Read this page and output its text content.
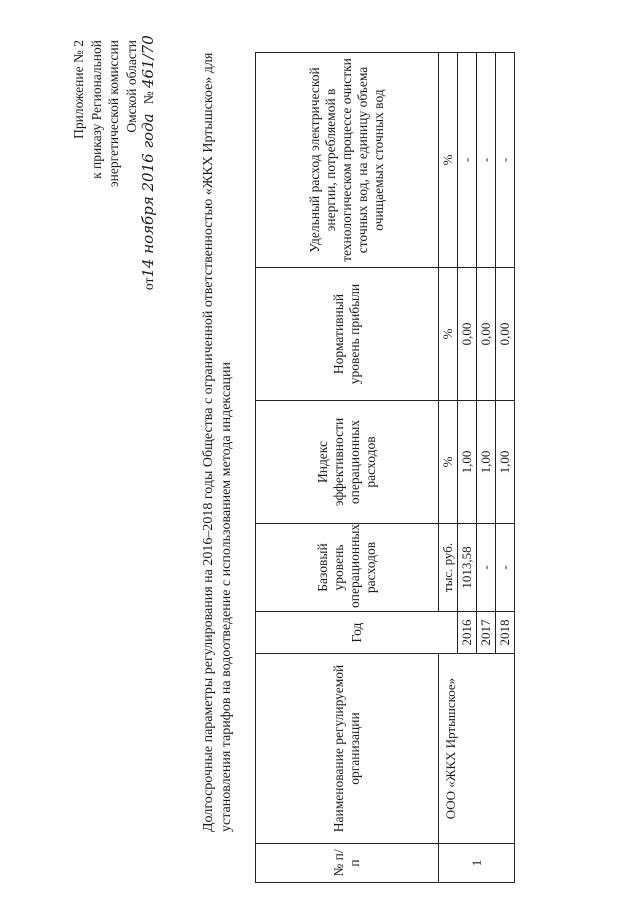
Приложение № 2 к приказу Региональной энергетической комиссии Омской области
от14 ноября 2016 года № 461/70	Долгосрочные параметры регулирования на 2016–2018 годы Общества с ограниченной ответственностью «ЖКХ Иртышское» для установления тарифов на водоотведение с использованием метода индексации
№ п/п	Наименование регулируемой организации	Год	Базовый уровень операционных расходов	Индекс эффективности операционных расходов	Нормативный уровень прибыли	Удельный расход электрической энергии, потребляемой в технологическом процессе очистки сточных вод, на единицу объема очищаемых сточных вод
1	ООО «ЖКХ Иртышское»		тыс. руб.	%	%	%
		2016	1013,58	1,00	0,00	-
		2017	-	1,00	0,00	-
		2018	-	1,00	0,00	-
